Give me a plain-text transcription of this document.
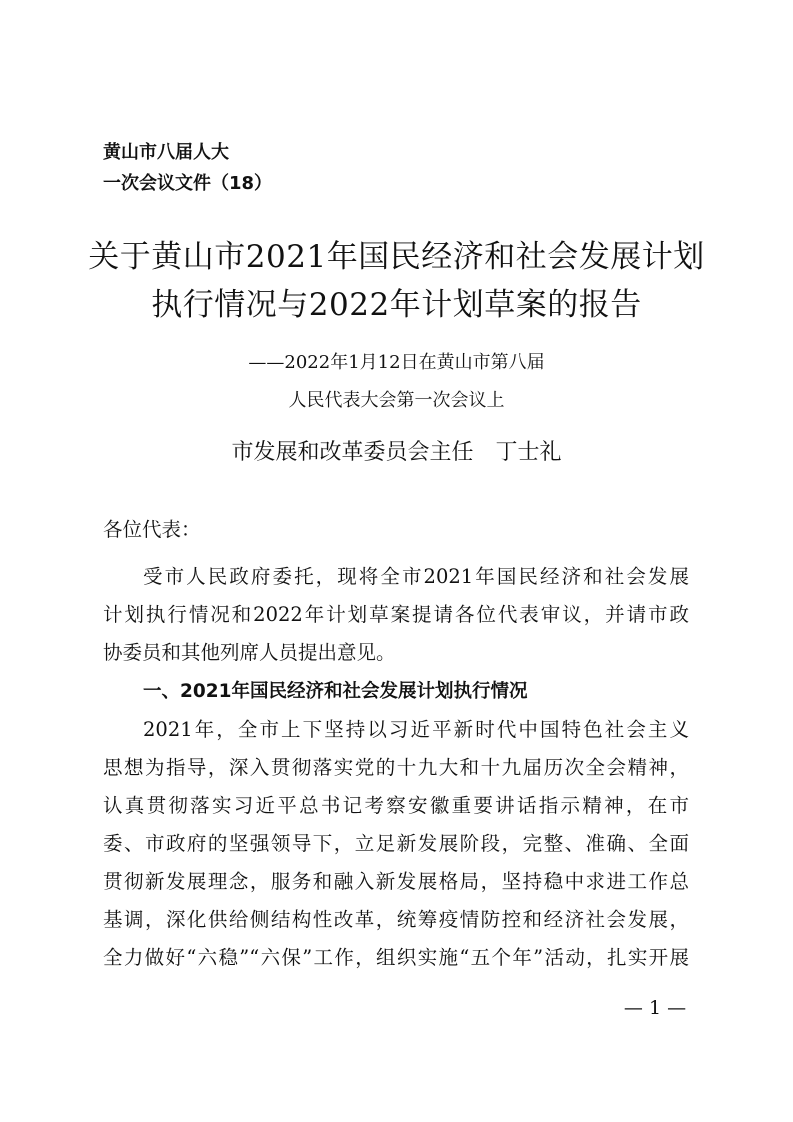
黄山市八届人大
一次会议文件（18）
关于黄山市2021年国民经济和社会发展计划
执行情况与2022年计划草案的报告
——2022年1月12日在黄山市第八届
人民代表大会第一次会议上
市发展和改革委员会主任　丁士礼
各位代表：
受市人民政府委托，现将全市2021年国民经济和社会发展
计划执行情况和2022年计划草案提请各位代表审议，并请市政
协委员和其他列席人员提出意见。
一、2021年国民经济和社会发展计划执行情况
2021年，全市上下坚持以习近平新时代中国特色社会主义
思想为指导，深入贯彻落实党的十九大和十九届历次全会精神，
认真贯彻落实习近平总书记考察安徽重要讲话指示精神，在市
委、市政府的坚强领导下，立足新发展阶段，完整、准确、全面
贯彻新发展理念，服务和融入新发展格局，坚持稳中求进工作总
基调，深化供给侧结构性改革，统筹疫情防控和经济社会发展，
全力做好“六稳”“六保”工作，组织实施“五个年”活动，扎实开展
— 1 —
